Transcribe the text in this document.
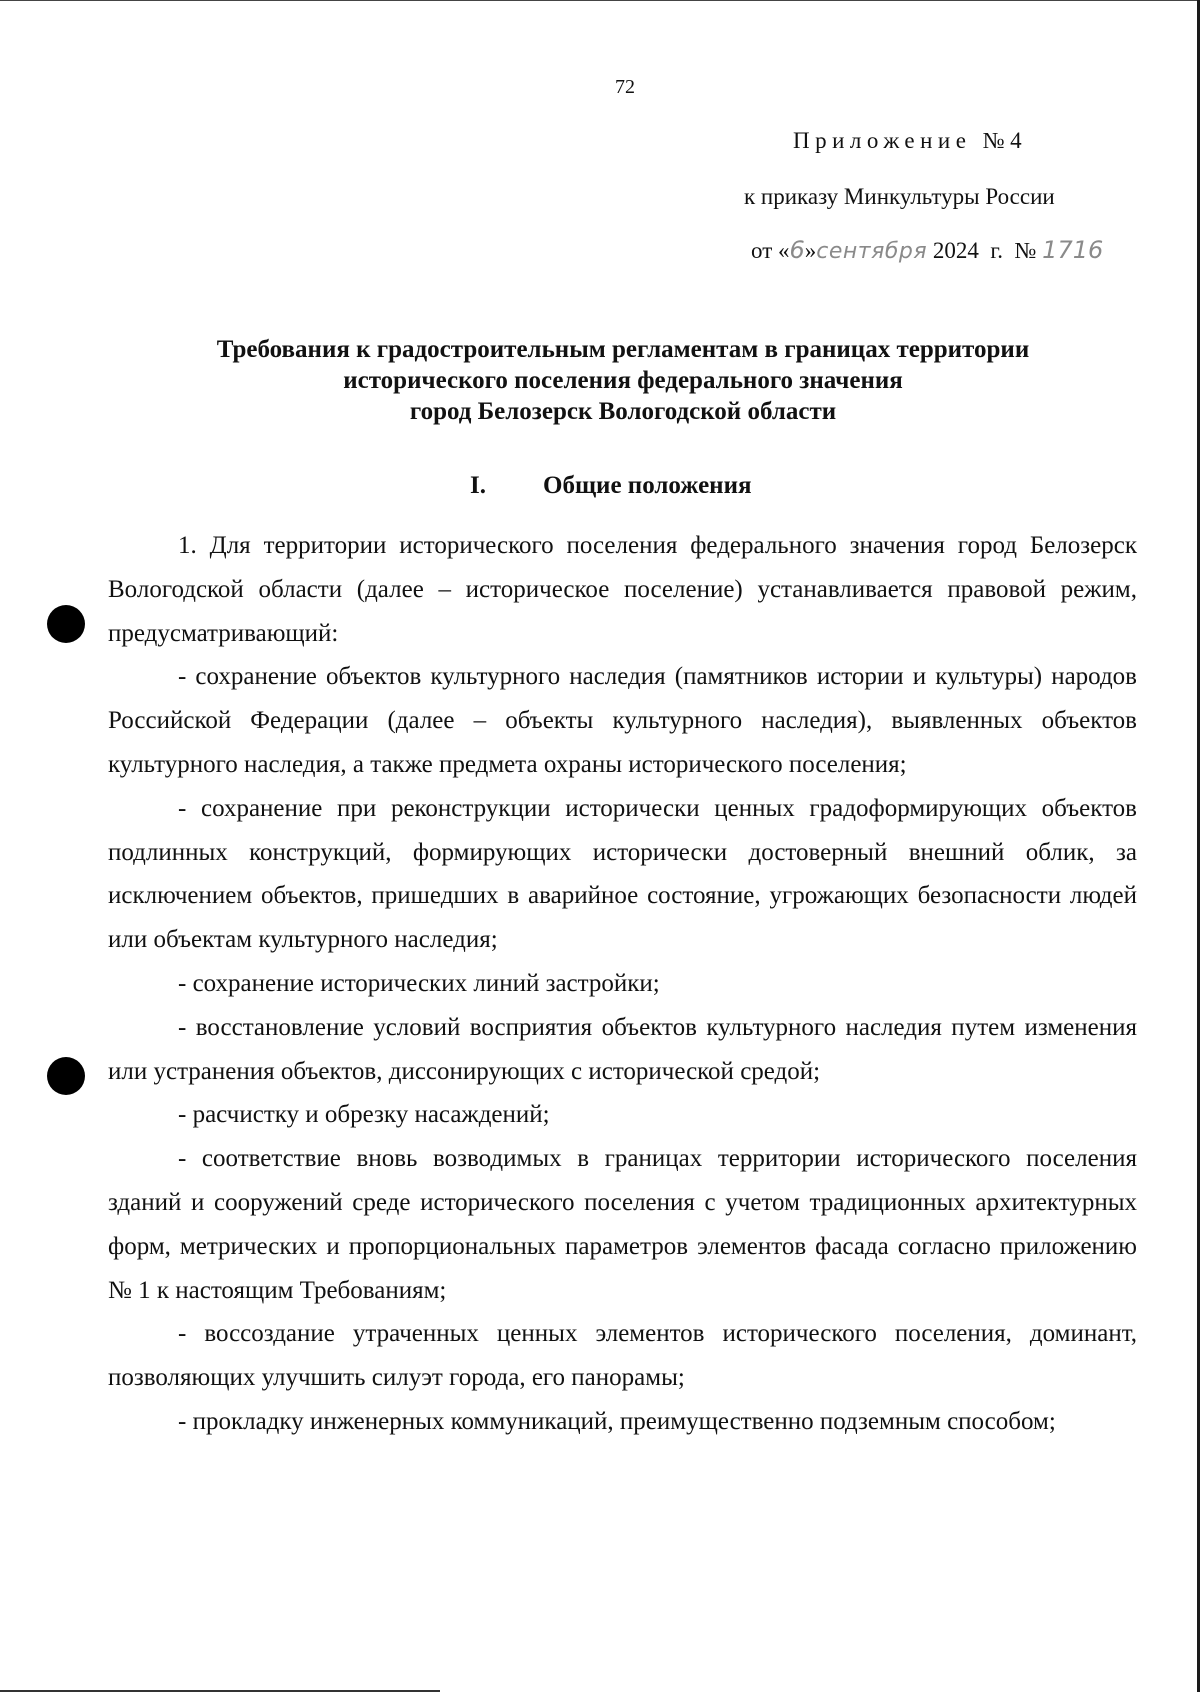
72
Приложение №4
к приказу Минкультуры России
от «6»сентября 2024  г.  № 1716
Требования к градостроительным регламентам в границах территории
исторического поселения федерального значения
город Белозерск Вологодской области
I. Общие положения

1. Для территории исторического поселения федерального значения город Белозерск Вологодской области (далее – историческое поселение) устанавливается правовой режим, предусматривающий:

- сохранение объектов культурного наследия (памятников истории и культуры) народов Российской Федерации (далее – объекты культурного наследия), выявленных объектов культурного наследия, а также предмета охраны исторического поселения;

- сохранение при реконструкции исторически ценных градоформирующих объектов подлинных конструкций, формирующих исторически достоверный внешний облик, за исключением объектов, пришедших в аварийное состояние, угрожающих безопасности людей или объектам культурного наследия;

- сохранение исторических линий застройки;

- восстановление условий восприятия объектов культурного наследия путем изменения или устранения объектов, диссонирующих с исторической средой;

- расчистку и обрезку насаждений;

- соответствие вновь возводимых в границах территории исторического поселения зданий и сооружений среде исторического поселения с учетом традиционных архитектурных форм, метрических и пропорциональных параметров элементов фасада согласно приложению № 1 к настоящим Требованиям;

- воссоздание утраченных ценных элементов исторического поселения, доминант, позволяющих улучшить силуэт города, его панорамы;

- прокладку инженерных коммуникаций, преимущественно подземным способом;
